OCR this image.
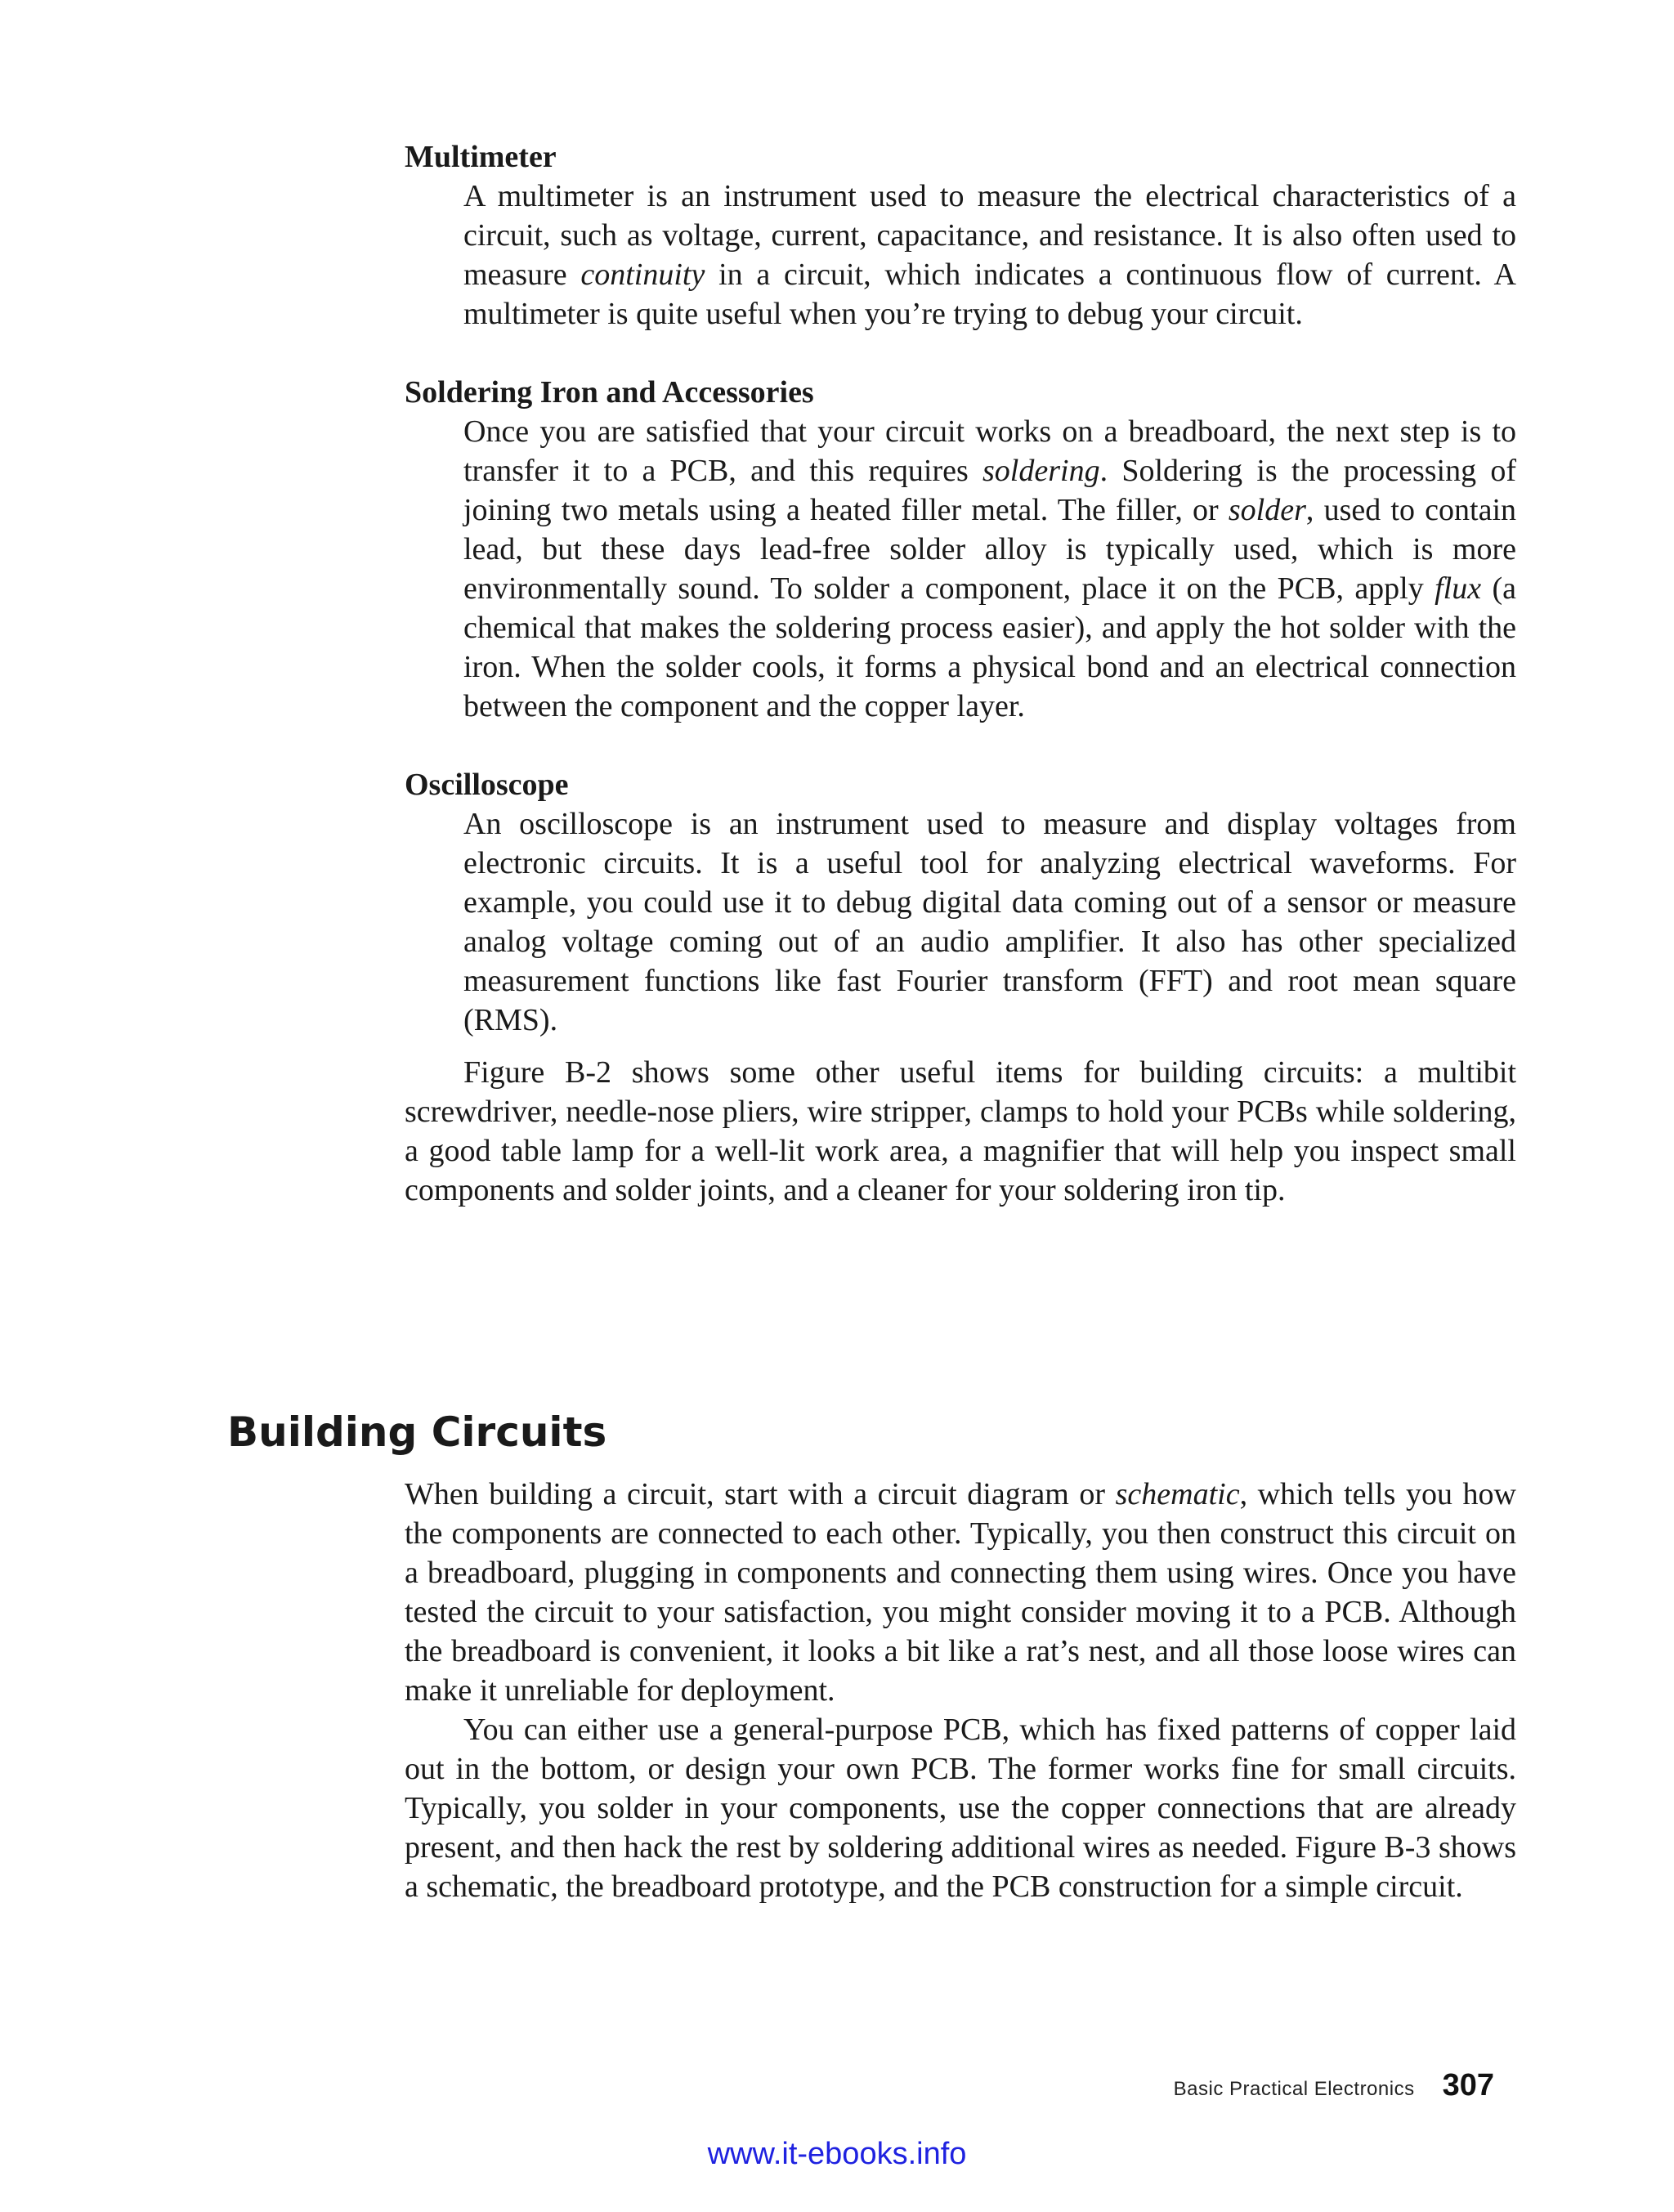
Multimeter

A multimeter is an instrument used to measure the electrical characteristics of a circuit, such as voltage, current, capacitance, and resistance. It is also often used to measure continuity in a circuit, which indicates a continuous flow of current. A multimeter is quite useful when you’re trying to debug your circuit.

Soldering Iron and Accessories

Once you are satisfied that your circuit works on a breadboard, the next step is to transfer it to a PCB, and this requires soldering. Soldering is the processing of joining two metals using a heated filler metal. The filler, or solder, used to contain lead, but these days lead-free solder alloy is typically used, which is more environmentally sound. To solder a component, place it on the PCB, apply flux (a chemical that makes the soldering process easier), and apply the hot solder with the iron. When the solder cools, it forms a physical bond and an electrical connection between the component and the copper layer.

Oscilloscope

An oscilloscope is an instrument used to measure and display voltages from electronic circuits. It is a useful tool for analyzing electrical waveforms. For example, you could use it to debug digital data coming out of a sensor or measure analog voltage coming out of an audio amplifier. It also has other specialized measurement functions like fast Fourier transform (FFT) and root mean square (RMS).

Figure B-2 shows some other useful items for building circuits: a multibit screwdriver, needle-nose pliers, wire stripper, clamps to hold your PCBs while soldering, a good table lamp for a well-lit work area, a magnifier that will help you inspect small components and solder joints, and a cleaner for your soldering iron tip.

Building Circuits

When building a circuit, start with a circuit diagram or schematic, which tells you how the components are connected to each other. Typically, you then construct this circuit on a breadboard, plugging in components and connecting them using wires. Once you have tested the circuit to your satisfaction, you might consider moving it to a PCB. Although the breadboard is convenient, it looks a bit like a rat’s nest, and all those loose wires can make it unreliable for deployment.

You can either use a general-purpose PCB, which has fixed patterns of copper laid out in the bottom, or design your own PCB. The former works fine for small circuits. Typically, you solder in your components, use the copper connections that are already present, and then hack the rest by soldering additional wires as needed. Figure B-3 shows a schematic, the breadboard prototype, and the PCB construction for a simple circuit.

Basic Practical Electronics 307
www.it-ebooks.info
